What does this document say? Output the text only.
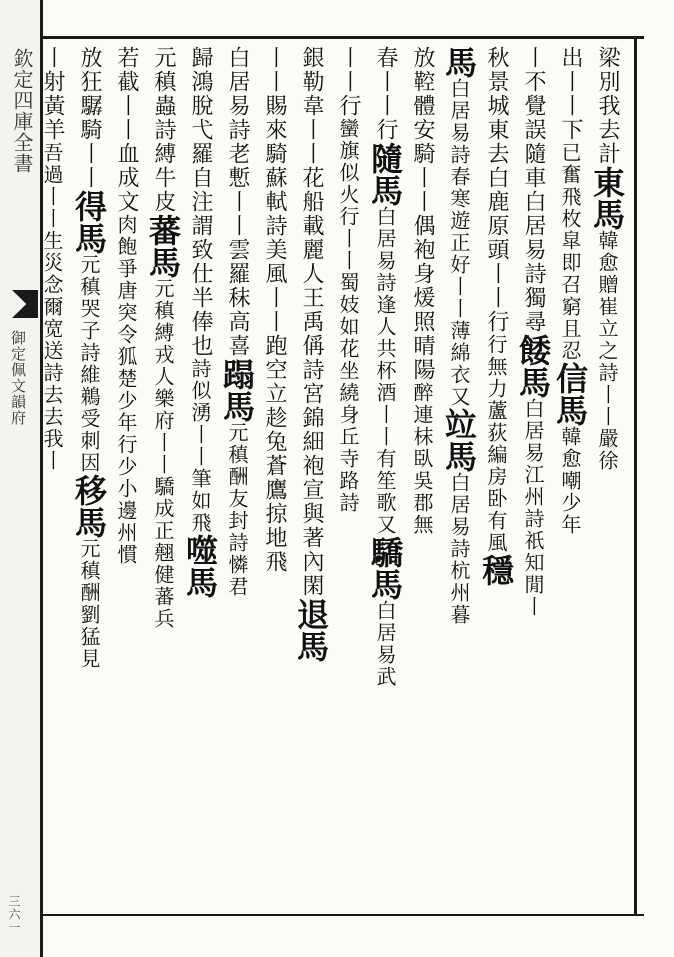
欽定四庫全書
御定佩文韻府
三六一
梁別我去計東馬韓愈贈崔立之詩丨丨嚴徐
出丨丨下已奮飛枚皐即召窮且忍信馬韓愈嘲少年
丨不覺誤隨車白居易詩獨尋餧馬白居易江州詩祇知閒丨
秋景城東去白鹿原頭丨丨行行無力蘆荻編房卧有風穩
馬白居易詩春寒遊正好丨丨薄綿衣又竝馬白居易詩杭州暮
放鞚體安騎丨丨偶袍身煖照晴陽醉連枺臥吳郡無
春丨丨行隨馬白居易詩逢人共杯酒丨丨有笙歌又驕馬白居易武
丨丨行蠻旗似火行丨丨蜀妓如花坐繞身丘寺路詩
銀勒韋丨丨花船載麗人王禹偁詩宮錦細袍宣與著內閑退馬
丨丨賜來騎蘇軾詩美風丨丨跑空立趁兔蒼鷹掠地飛
白居易詩老慙丨丨雲羅秣高喜蹋馬元稹酬友封詩憐君
歸鴻脫弋羅自注謂致仕半俸也詩似湧丨丨筆如飛噬馬
元稹蟲詩縛牛皮蕃馬元稹縛戎人樂府丨丨驕成正翹健蕃兵
若截丨丨血成文肉飽爭唐突令狐楚少年行少小邊州慣
放狂驏騎丨丨得馬元稹哭子詩維鵜受刺因移馬元稹酬劉猛見
丨射黃羊吾過丨丨生災念爾宽送詩去去我丨
